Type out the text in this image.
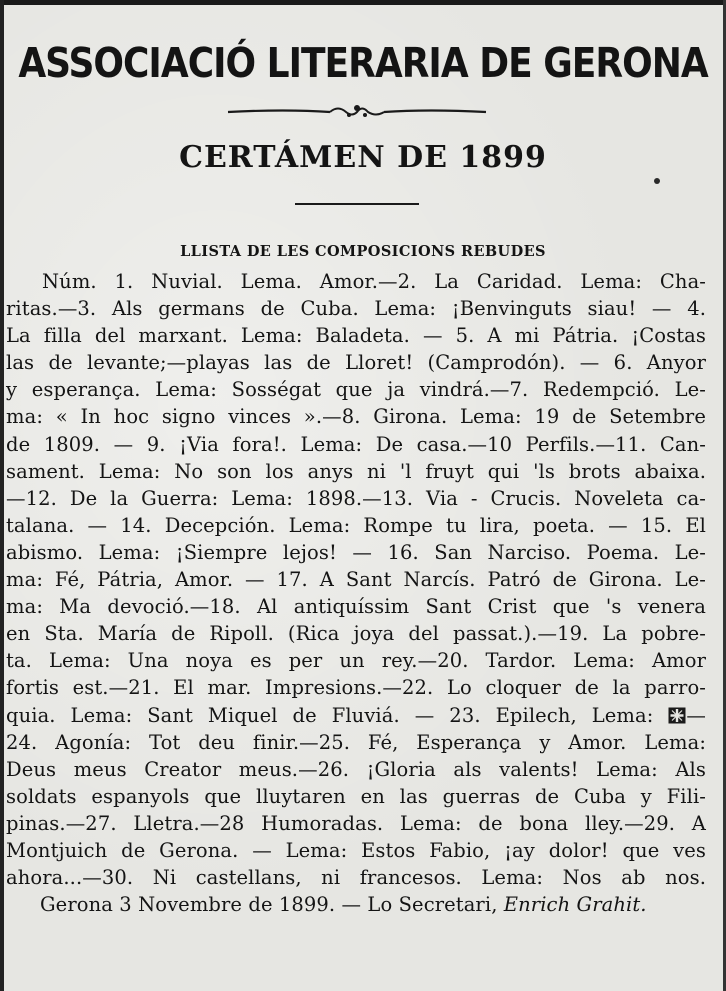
ASSOCIACIÓ LITERARIA DE GERONA
CERTÁMEN DE 1899
LLISTA DE LES COMPOSICIONS REBUDES
Núm. 1. Nuvial. Lema. Amor.—2. La Caridad. Lema: Cha-
ritas.—3. Als germans de Cuba. Lema: ¡Benvinguts siau! — 4.
La filla del marxant. Lema: Baladeta. — 5. A mi Pátria. ¡Costas
las de levante;—playas las de Lloret! (Camprodón). — 6. Anyor
y esperança. Lema: Sosségat que ja vindrá.—7. Redempció. Le-
ma: « In hoc signo vinces ».—8. Girona. Lema: 19 de Setembre
de 1809. — 9. ¡Via fora!. Lema: De casa.—10 Perfils.—11. Can-
sament. Lema: No son los anys ni 'l fruyt qui 'ls brots abaixa.
—12. De la Guerra: Lema: 1898.—13. Via - Crucis. Noveleta ca-
talana. — 14. Decepción. Lema: Rompe tu lira, poeta. — 15. El
abismo. Lema: ¡Siempre lejos! — 16. San Narciso. Poema. Le-
ma: Fé, Pátria, Amor. — 17. A Sant Narcís. Patró de Girona. Le-
ma: Ma devoció.—18. Al antiquíssim Sant Crist que 's venera
en Sta. María de Ripoll. (Rica joya del passat.).—19. La pobre-
ta. Lema: Una noya es per un rey.—20. Tardor. Lema: Amor
fortis est.—21. El mar. Impresions.—22. Lo cloquer de la parro-
quia. Lema: Sant Miquel de Fluviá. — 23. Epilech, Lema: —
24. Agonía: Tot deu finir.—25. Fé, Esperança y Amor. Lema:
Deus meus Creator meus.—26. ¡Gloria als valents! Lema: Als
soldats espanyols que lluytaren en las guerras de Cuba y Fili-
pinas.—27. Lletra.—28 Humoradas. Lema: de bona lley.—29. A
Montjuich de Gerona. — Lema: Estos Fabio, ¡ay dolor! que ves
ahora...—30. Ni castellans, ni francesos. Lema: Nos ab nos.
Gerona 3 Novembre de 1899. — Lo Secretari, Enrich Grahit.
